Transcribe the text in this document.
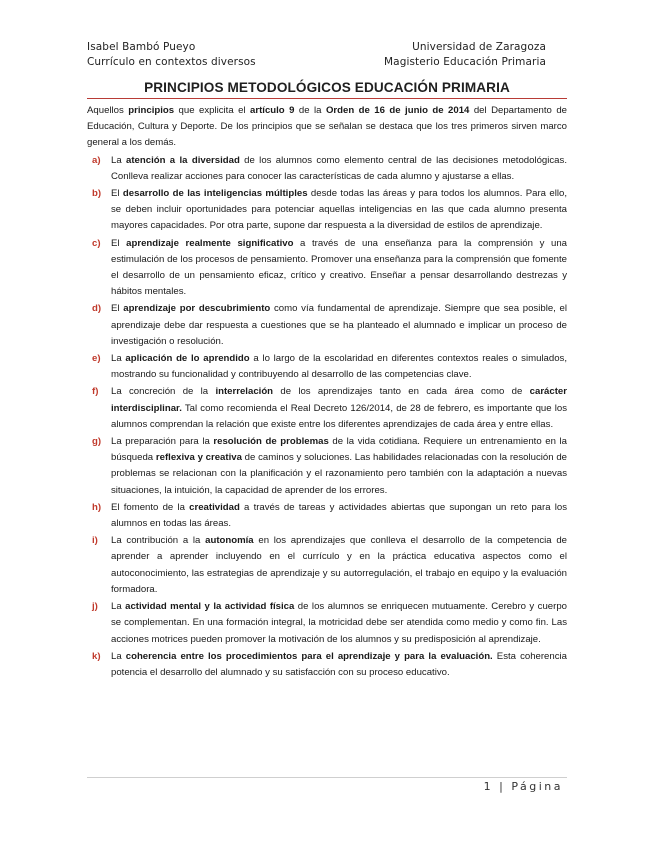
Isabel Bambó Pueyo
Currículo en contextos diversos
Universidad de Zaragoza
Magisterio Educación Primaria
PRINCIPIOS METODOLÓGICOS EDUCACIÓN PRIMARIA

Aquellos principios que explicita el artículo 9 de la Orden de 16 de junio de 2014 del Departamento de Educación, Cultura y Deporte. De los principios que se señalan se destaca que los tres primeros sirven marco general a los demás.

a) La atención a la diversidad de los alumnos como elemento central de las decisiones metodológicas. Conlleva realizar acciones para conocer las características de cada alumno y ajustarse a ellas.
b) El desarrollo de las inteligencias múltiples desde todas las áreas y para todos los alumnos. Para ello, se deben incluir oportunidades para potenciar aquellas inteligencias en las que cada alumno presenta mayores capacidades. Por otra parte, supone dar respuesta a la diversidad de estilos de aprendizaje.
c) El aprendizaje realmente significativo a través de una enseñanza para la comprensión y una estimulación de los procesos de pensamiento. Promover una enseñanza para la comprensión que fomente el desarrollo de un pensamiento eficaz, crítico y creativo. Enseñar a pensar desarrollando destrezas y hábitos mentales.
d) El aprendizaje por descubrimiento como vía fundamental de aprendizaje. Siempre que sea posible, el aprendizaje debe dar respuesta a cuestiones que se ha planteado el alumnado e implicar un proceso de investigación o resolución.
e) La aplicación de lo aprendido a lo largo de la escolaridad en diferentes contextos reales o simulados, mostrando su funcionalidad y contribuyendo al desarrollo de las competencias clave.
f) La concreción de la interrelación de los aprendizajes tanto en cada área como de carácter interdisciplinar. Tal como recomienda el Real Decreto 126/2014, de 28 de febrero, es importante que los alumnos comprendan la relación que existe entre los diferentes aprendizajes de cada área y entre ellas.
g) La preparación para la resolución de problemas de la vida cotidiana. Requiere un entrenamiento en la búsqueda reflexiva y creativa de caminos y soluciones. Las habilidades relacionadas con la resolución de problemas se relacionan con la planificación y el razonamiento pero también con la adaptación a nuevas situaciones, la intuición, la capacidad de aprender de los errores.
h) El fomento de la creatividad a través de tareas y actividades abiertas que supongan un reto para los alumnos en todas las áreas.
i) La contribución a la autonomía en los aprendizajes que conlleva el desarrollo de la competencia de aprender a aprender incluyendo en el currículo y en la práctica educativa aspectos como el autoconocimiento, las estrategias de aprendizaje y su autorregulación, el trabajo en equipo y la evaluación formadora.
j) La actividad mental y la actividad física de los alumnos se enriquecen mutuamente. Cerebro y cuerpo se complementan. En una formación integral, la motricidad debe ser atendida como medio y como fin. Las acciones motrices pueden promover la motivación de los alumnos y su predisposición al aprendizaje.
k) La coherencia entre los procedimientos para el aprendizaje y para la evaluación. Esta coherencia potencia el desarrollo del alumnado y su satisfacción con su proceso educativo.
1 | Página
